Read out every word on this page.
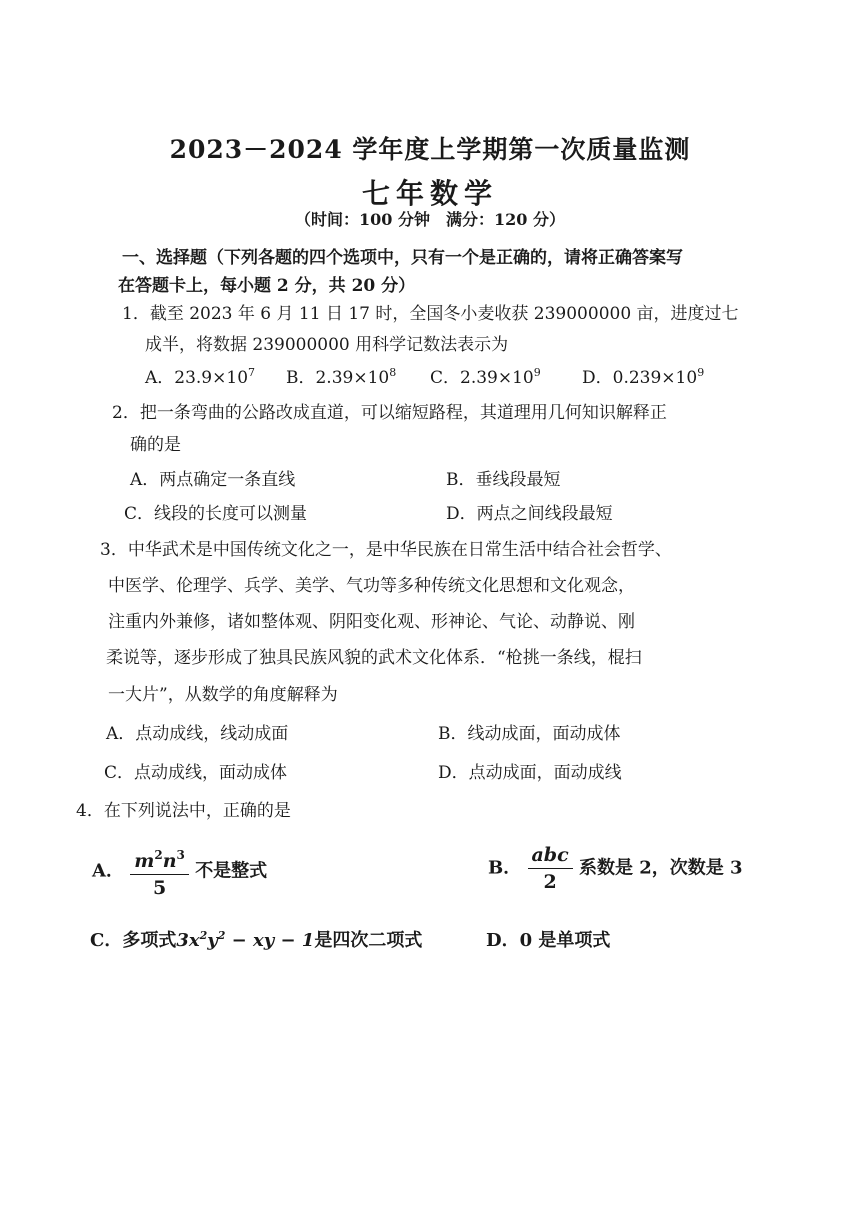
2023－2024 学年度上学期第一次质量监测
七年数学
（时间：100 分钟　满分：120 分）
一、选择题（下列各题的四个选项中，只有一个是正确的，请将正确答案写
在答题卡上，每小题 2 分，共 20 分）
1．截至 2023 年 6 月 11 日 17 时，全国冬小麦收获 239000000 亩，进度过七
成半，将数据 239000000 用科学记数法表示为
A．$23.9\times 10^7$ B．$2.39\times 10^8$ C．$2.39\times 10^9$ D．$0.239\times 10^9$
2．把一条弯曲的公路改成直道，可以缩短路程，其道理用几何知识解释正
确的是
A．两点确定一条直线	B．垂线段最短
C．线段的长度可以测量	D．两点之间线段最短
3．中华武术是中国传统文化之一，是中华民族在日常生活中结合社会哲学、
中医学、伦理学、兵学、美学、气功等多种传统文化思想和文化观念，
注重内外兼修，诸如整体观、阴阳变化观、形神论、气论、动静说、刚
柔说等，逐步形成了独具民族风貌的武术文化体系．“枪挑一条线，棍扫
一大片”，从数学的角度解释为
A．点动成线，线动成面	B．线动成面，面动成体
C．点动成线，面动成体	D．点动成面，面动成线
4．在下列说法中，正确的是
A． $\frac{m^2n^3}{5}$ 不是整式	B． $\frac{\text{abc}}{2}$ 系数是 2，次数是 3
C．多项式$3x^2y^2$ − xy − 1是四次二项式	D．0 是单项式
